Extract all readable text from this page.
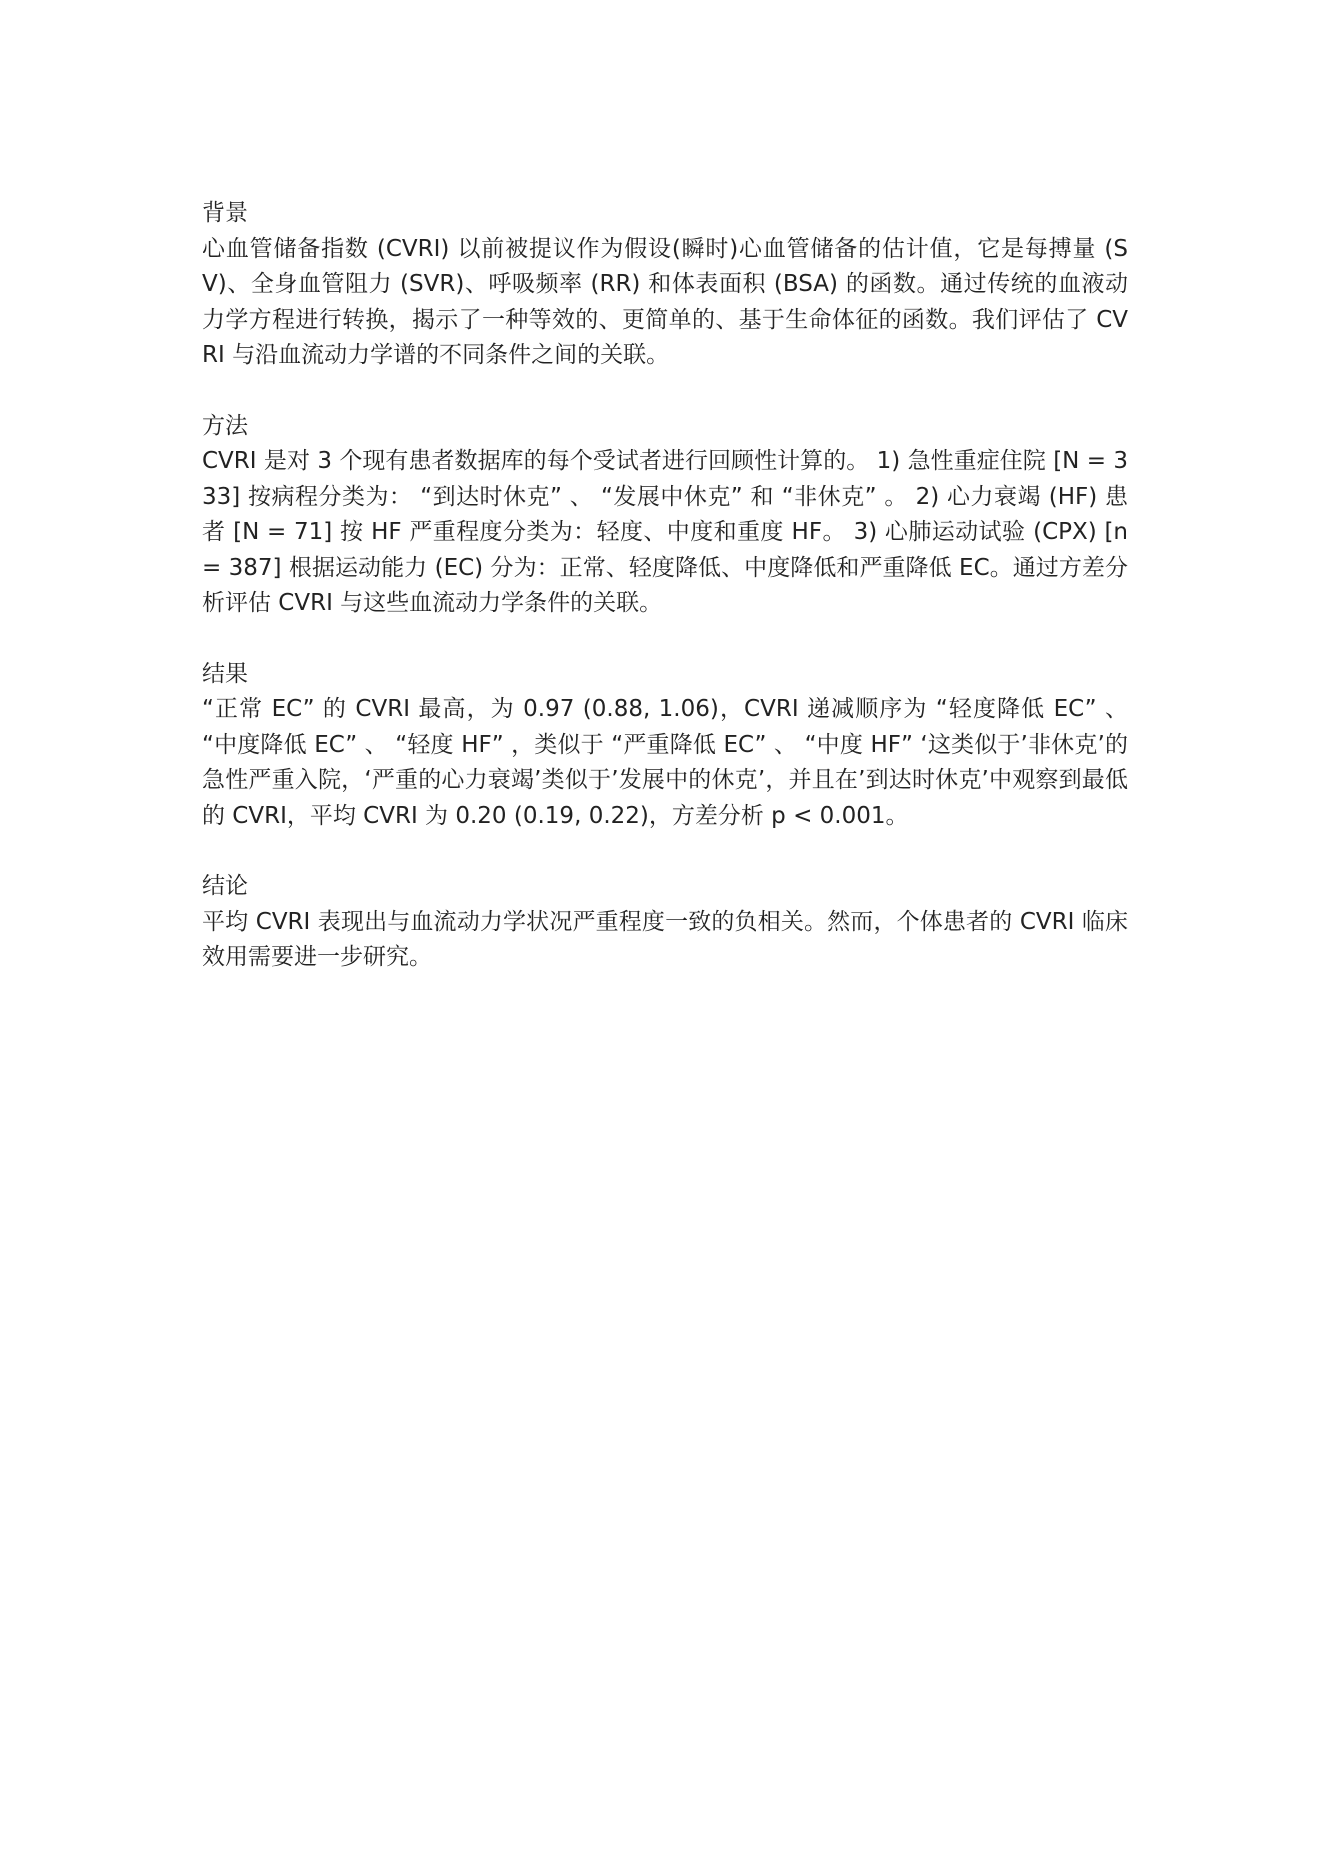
背景

心血管储备指数 (CVRI) 以前被提议作为假设(瞬时)心血管储备的估计值，它是每搏量 (SV)、全身血管阻力 (SVR)、呼吸频率 (RR) 和体表面积 (BSA) 的函数。通过传统的血液动力学方程进行转换，揭示了一种等效的、更简单的、基于生命体征的函数。我们评估了 CVRI 与沿血流动力学谱的不同条件之间的关联。

方法

CVRI 是对 3 个现有患者数据库的每个受试者进行回顾性计算的。 1) 急性重症住院 [N = 333] 按病程分类为： “到达时休克” 、 “发展中休克” 和 “非休克” 。 2) 心力衰竭 (HF) 患者 [N = 71] 按 HF 严重程度分类为：轻度、中度和重度 HF。 3) 心肺运动试验 (CPX) [n = 387] 根据运动能力 (EC) 分为：正常、轻度降低、中度降低和严重降低 EC。通过方差分析评估 CVRI 与这些血流动力学条件的关联。

结果

“正常 EC” 的 CVRI 最高，为 0.97 (0.88, 1.06)，CVRI 递减顺序为 “轻度降低 EC” 、 “中度降低 EC” 、 “轻度 HF” ，类似于 “严重降低 EC” 、 “中度 HF” ‘这类似于’非休克’的急性严重入院，‘严重的心力衰竭’类似于’发展中的休克’，并且在’到达时休克’中观察到最低的 CVRI，平均 CVRI 为 0.20 (0.19, 0.22)，方差分析 p < 0.001。

结论

平均 CVRI 表现出与血流动力学状况严重程度一致的负相关。然而，个体患者的 CVRI 临床效用需要进一步研究。
